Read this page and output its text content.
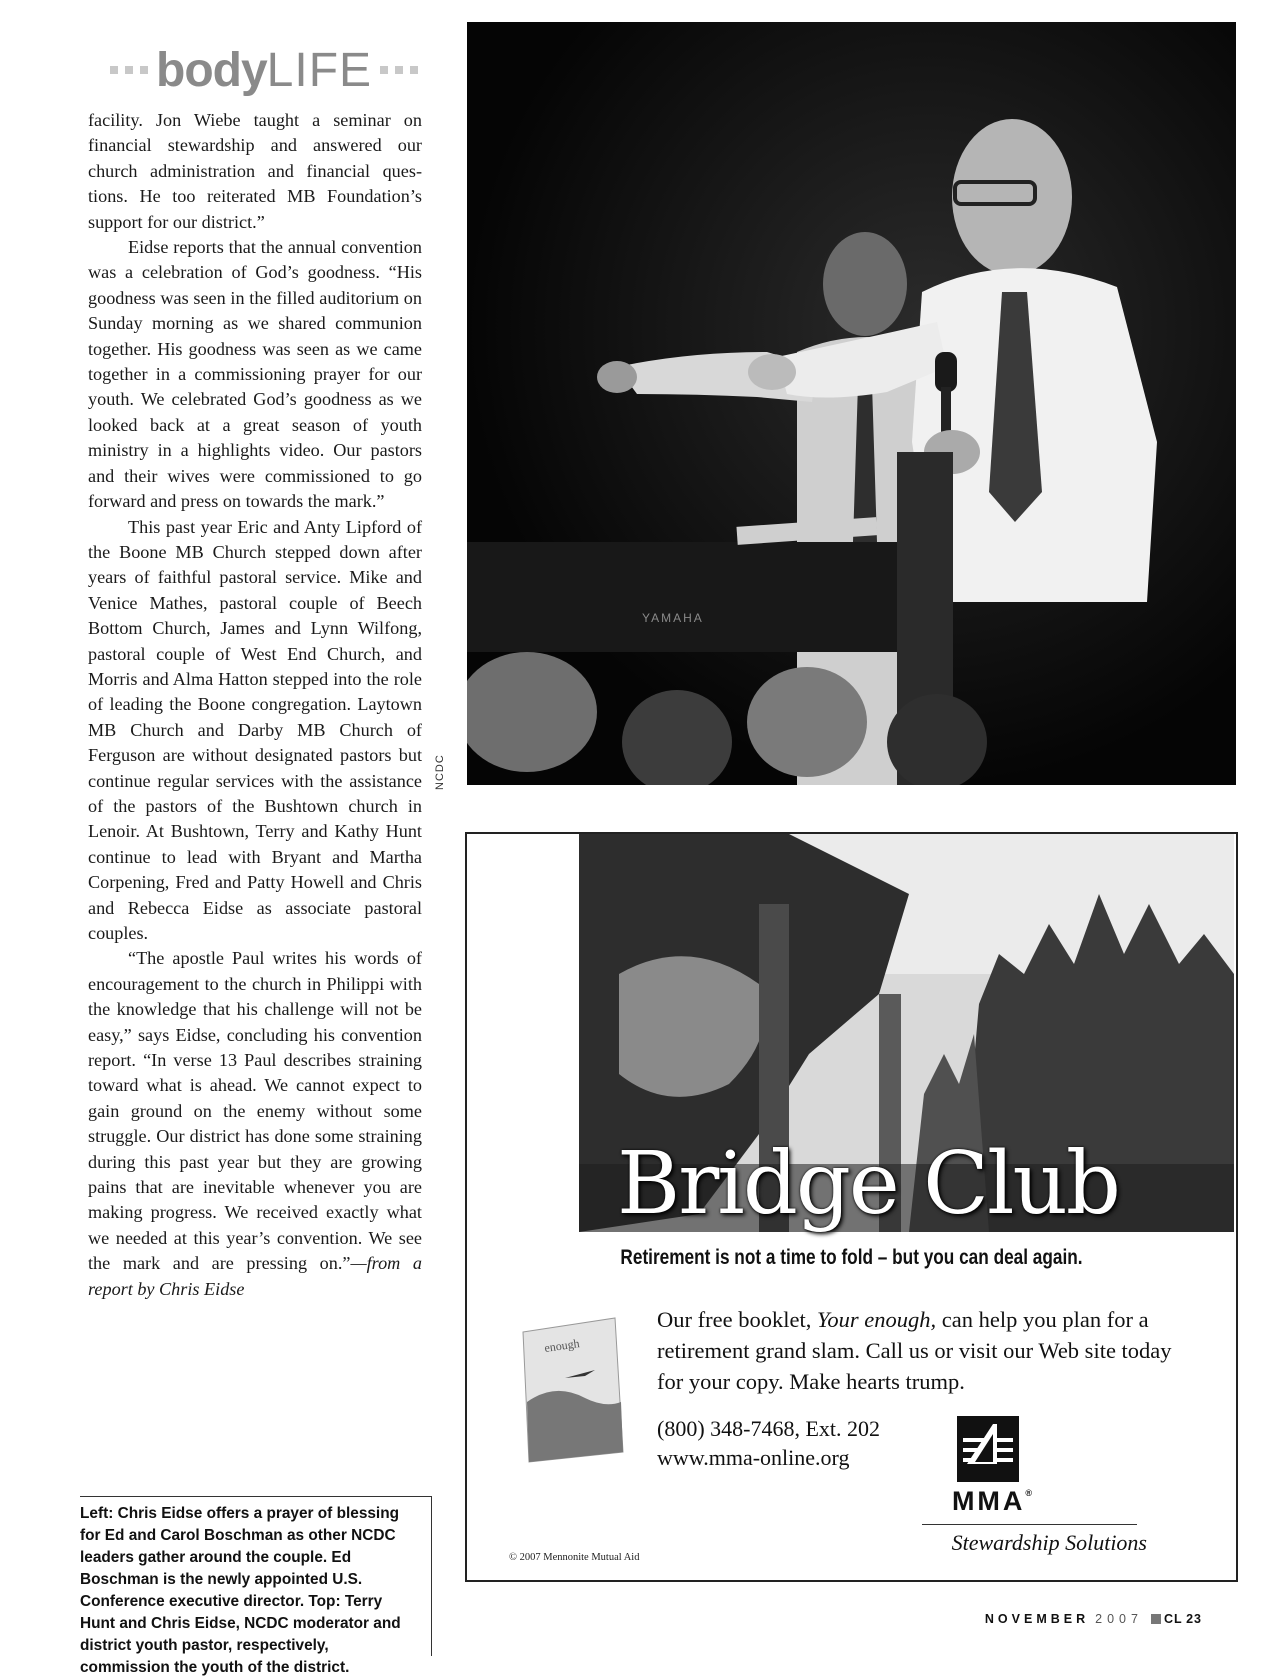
body LIFE

facility. Jon Wiebe taught a seminar on financial stewardship and answered our church administration and financial questions. He too reiterated MB Foundation’s support for our district.”

Eidse reports that the annual convention was a celebration of God’s goodness. “His goodness was seen in the filled auditorium on Sunday morning as we shared communion together. His goodness was seen as we came together in a commissioning prayer for our youth. We celebrated God’s goodness as we looked back at a great season of youth ministry in a highlights video. Our pastors and their wives were commissioned to go forward and press on towards the mark.”

This past year Eric and Anty Lipford of the Boone MB Church stepped down after years of faithful pastoral service. Mike and Venice Mathes, pastoral couple of Beech Bottom Church, James and Lynn Wilfong, pastoral couple of West End Church, and Morris and Alma Hatton stepped into the role of leading the Boone congregation. Laytown MB Church and Darby MB Church of Ferguson are without designated pastors but continue regular services with the assistance of the pastors of the Bushtown church in Lenoir. At Bushtown, Terry and Kathy Hunt continue to lead with Bryant and Martha Corpening, Fred and Patty Howell and Chris and Rebecca Eidse as associate pastoral couples.

“The apostle Paul writes his words of encouragement to the church in Philippi with the knowledge that his challenge will not be easy,” says Eidse, concluding his convention report. “In verse 13 Paul describes straining toward what is ahead. We cannot expect to gain ground on the enemy without some struggle. Our district has done some straining during this past year but they are growing pains that are inevitable whenever you are making progress. We received exactly what we needed at this year’s convention. We see the mark and are pressing on.”—from a report by Chris Eidse

Left: Chris Eidse offers a prayer of blessing for Ed and Carol Boschman as other NCDC leaders gather around the couple. Ed Boschman is the newly appointed U.S. Conference executive director. Top: Terry Hunt and Chris Eidse, NCDC moderator and district youth pastor, respectively, commission the youth of the district.
YAMAHA
NCDC
Bridge Club
Retirement is not a time to fold – but you can deal again.
enough
Our free booklet, Your enough, can help you plan for a retirement grand slam. Call us or visit our Web site today for your copy. Make hearts trump.
(800) 348-7468, Ext. 202
www.mma-online.org
MMA®
Stewardship Solutions
© 2007 Mennonite Mutual Aid
NOVEMBER 2007 CL 23
